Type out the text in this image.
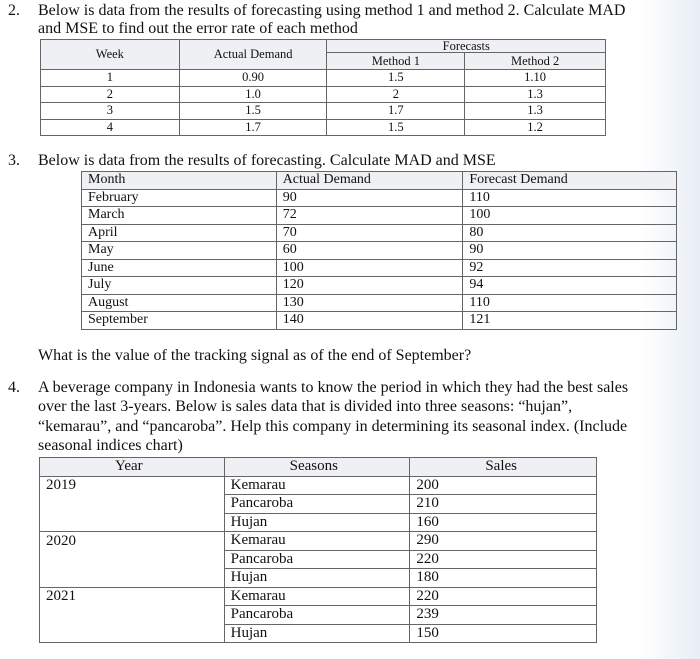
2. Below is data from the results of forecasting using method 1 and method 2. Calculate MAD
and MSE to find out the error rate of each method
Week	Actual Demand	Forecasts	
		Method 1	Method 2
1	0.90	1.5	1.10
2	1.0	2	1.3
3	1.5	1.7	1.3
4	1.7	1.5	1.2
3. Below is data from the results of forecasting. Calculate MAD and MSE
Month	Actual Demand	Forecast Demand
February	90	110
March	72	100
April	70	80
May	60	90
June	100	92
July	120	94
August	130	110
September	140	121
What is the value of the tracking signal as of the end of September?
4. A beverage company in Indonesia wants to know the period in which they had the best sales
over the last 3-years. Below is sales data that is divided into three seasons: “hujan”,
“kemarau”, and “pancaroba”. Help this company in determining its seasonal index. (Include
seasonal indices chart)
Year	Seasons	Sales
2019	Kemarau	200
	Pancaroba	210
	Hujan	160
2020	Kemarau	290
	Pancaroba	220
	Hujan	180
2021	Kemarau	220
	Pancaroba	239
	Hujan	150
